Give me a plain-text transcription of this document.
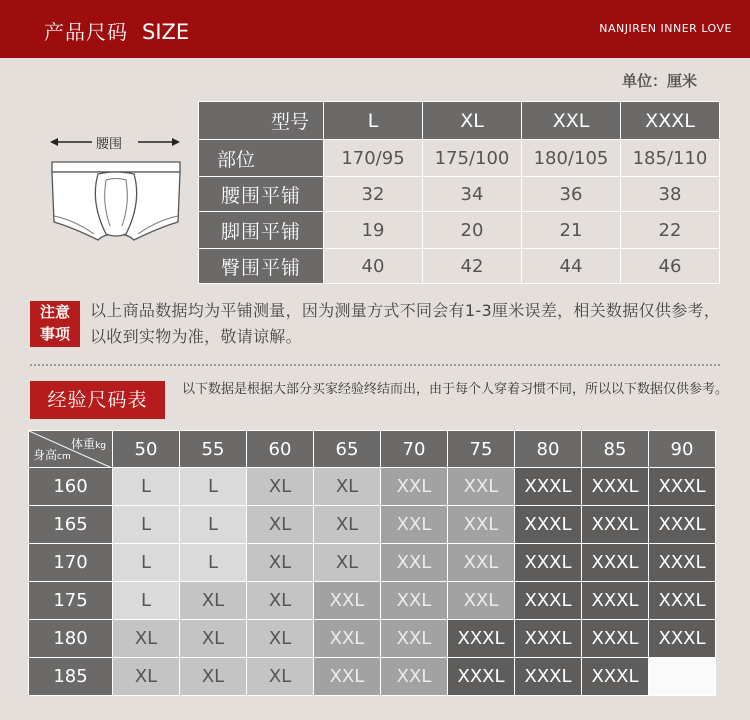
产品尺码 SIZE	NANJIREN INNER LOVE
单位：厘米
腰围
型号	L	XL	XXL	XXXL
部位	170/95	175/100	180/105	185/110
腰围平铺	32	34	36	38
脚围平铺	19	20	21	22
臀围平铺	40	42	44	46
注意
事项
以上商品数据均为平铺测量，因为测量方式不同会有1-3厘米误差，相关数据仅供参考，以收到实物为准，敬请谅解。
经验尺码表	以下数据是根据大部分买家经验终结而出，由于每个人穿着习惯不同，所以以下数据仅供参考。
体重kg
身高cm	50	55	60	65	70	75	80	85	90
160	L	L	XL	XL	XXL	XXL	XXXL	XXXL	XXXL
165	L	L	XL	XL	XXL	XXL	XXXL	XXXL	XXXL
170	L	L	XL	XL	XXL	XXL	XXXL	XXXL	XXXL
175	L	XL	XL	XXL	XXL	XXL	XXXL	XXXL	XXXL
180	XL	XL	XL	XXL	XXL	XXXL	XXXL	XXXL	XXXL
185	XL	XL	XL	XXL	XXL	XXXL	XXXL	XXXL	
